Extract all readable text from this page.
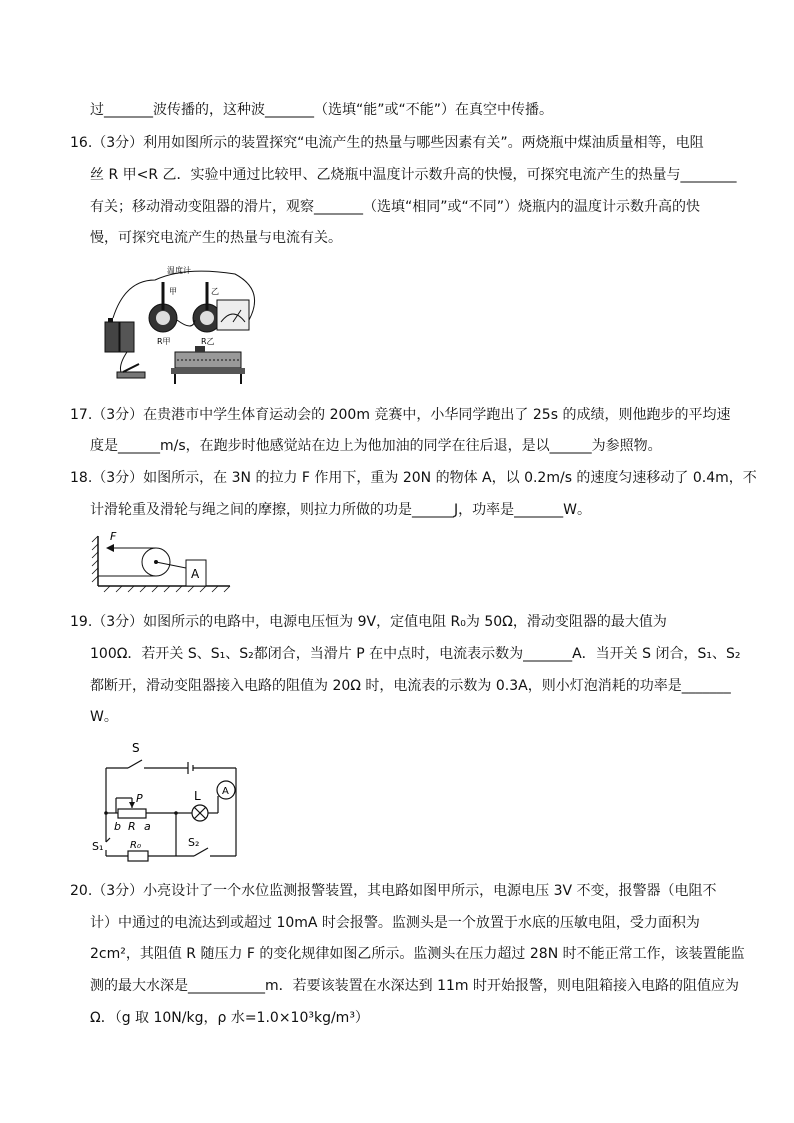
过_______波传播的，这种波_______（选填“能”或“不能”）在真空中传播。
16.（3分）利用如图所示的装置探究“电流产生的热量与哪些因素有关”。两烧瓶中煤油质量相等，电阻
丝 R 甲<R 乙．实验中通过比较甲、乙烧瓶中温度计示数升高的快慢，可探究电流产生的热量与________
有关；移动滑动变阻器的滑片，观察_______（选填“相同”或“不同”）烧瓶内的温度计示数升高的快
慢，可探究电流产生的热量与电流有关。
温度计
甲	乙
R甲	R乙
17.（3分）在贵港市中学生体育运动会的 200m 竞赛中，小华同学跑出了 25s 的成绩，则他跑步的平均速
度是______m/s，在跑步时他感觉站在边上为他加油的同学在往后退，是以______为参照物。
18.（3分）如图所示，在 3N 的拉力 F 作用下，重为 20N 的物体 A，以 0.2m/s 的速度匀速移动了 0.4m，不
计滑轮重及滑轮与绳之间的摩擦，则拉力所做的功是______J，功率是_______W。
F
A
19.（3分）如图所示的电路中，电源电压恒为 9V，定值电阻 R₀为 50Ω，滑动变阻器的最大值为
100Ω．若开关 S、S₁、S₂都闭合，当滑片 P 在中点时，电流表示数为_______A．当开关 S 闭合，S₁、S₂
都断开，滑动变阻器接入电路的阻值为 20Ω 时，电流表的示数为 0.3A，则小灯泡消耗的功率是_______
W。
S
L A
P
b R a
S₁	R₀	S₂
20.（3分）小亮设计了一个水位监测报警装置，其电路如图甲所示，电源电压 3V 不变，报警器（电阻不
计）中通过的电流达到或超过 10mA 时会报警。监测头是一个放置于水底的压敏电阻，受力面积为
2cm²，其阻值 R 随压力 F 的变化规律如图乙所示。监测头在压力超过 28N 时不能正常工作，该装置能监
测的最大水深是___________m．若要该装置在水深达到 11m 时开始报警，则电阻箱接入电路的阻值应为
Ω．（g 取 10N/kg，ρ 水=1.0×10³kg/m³）
